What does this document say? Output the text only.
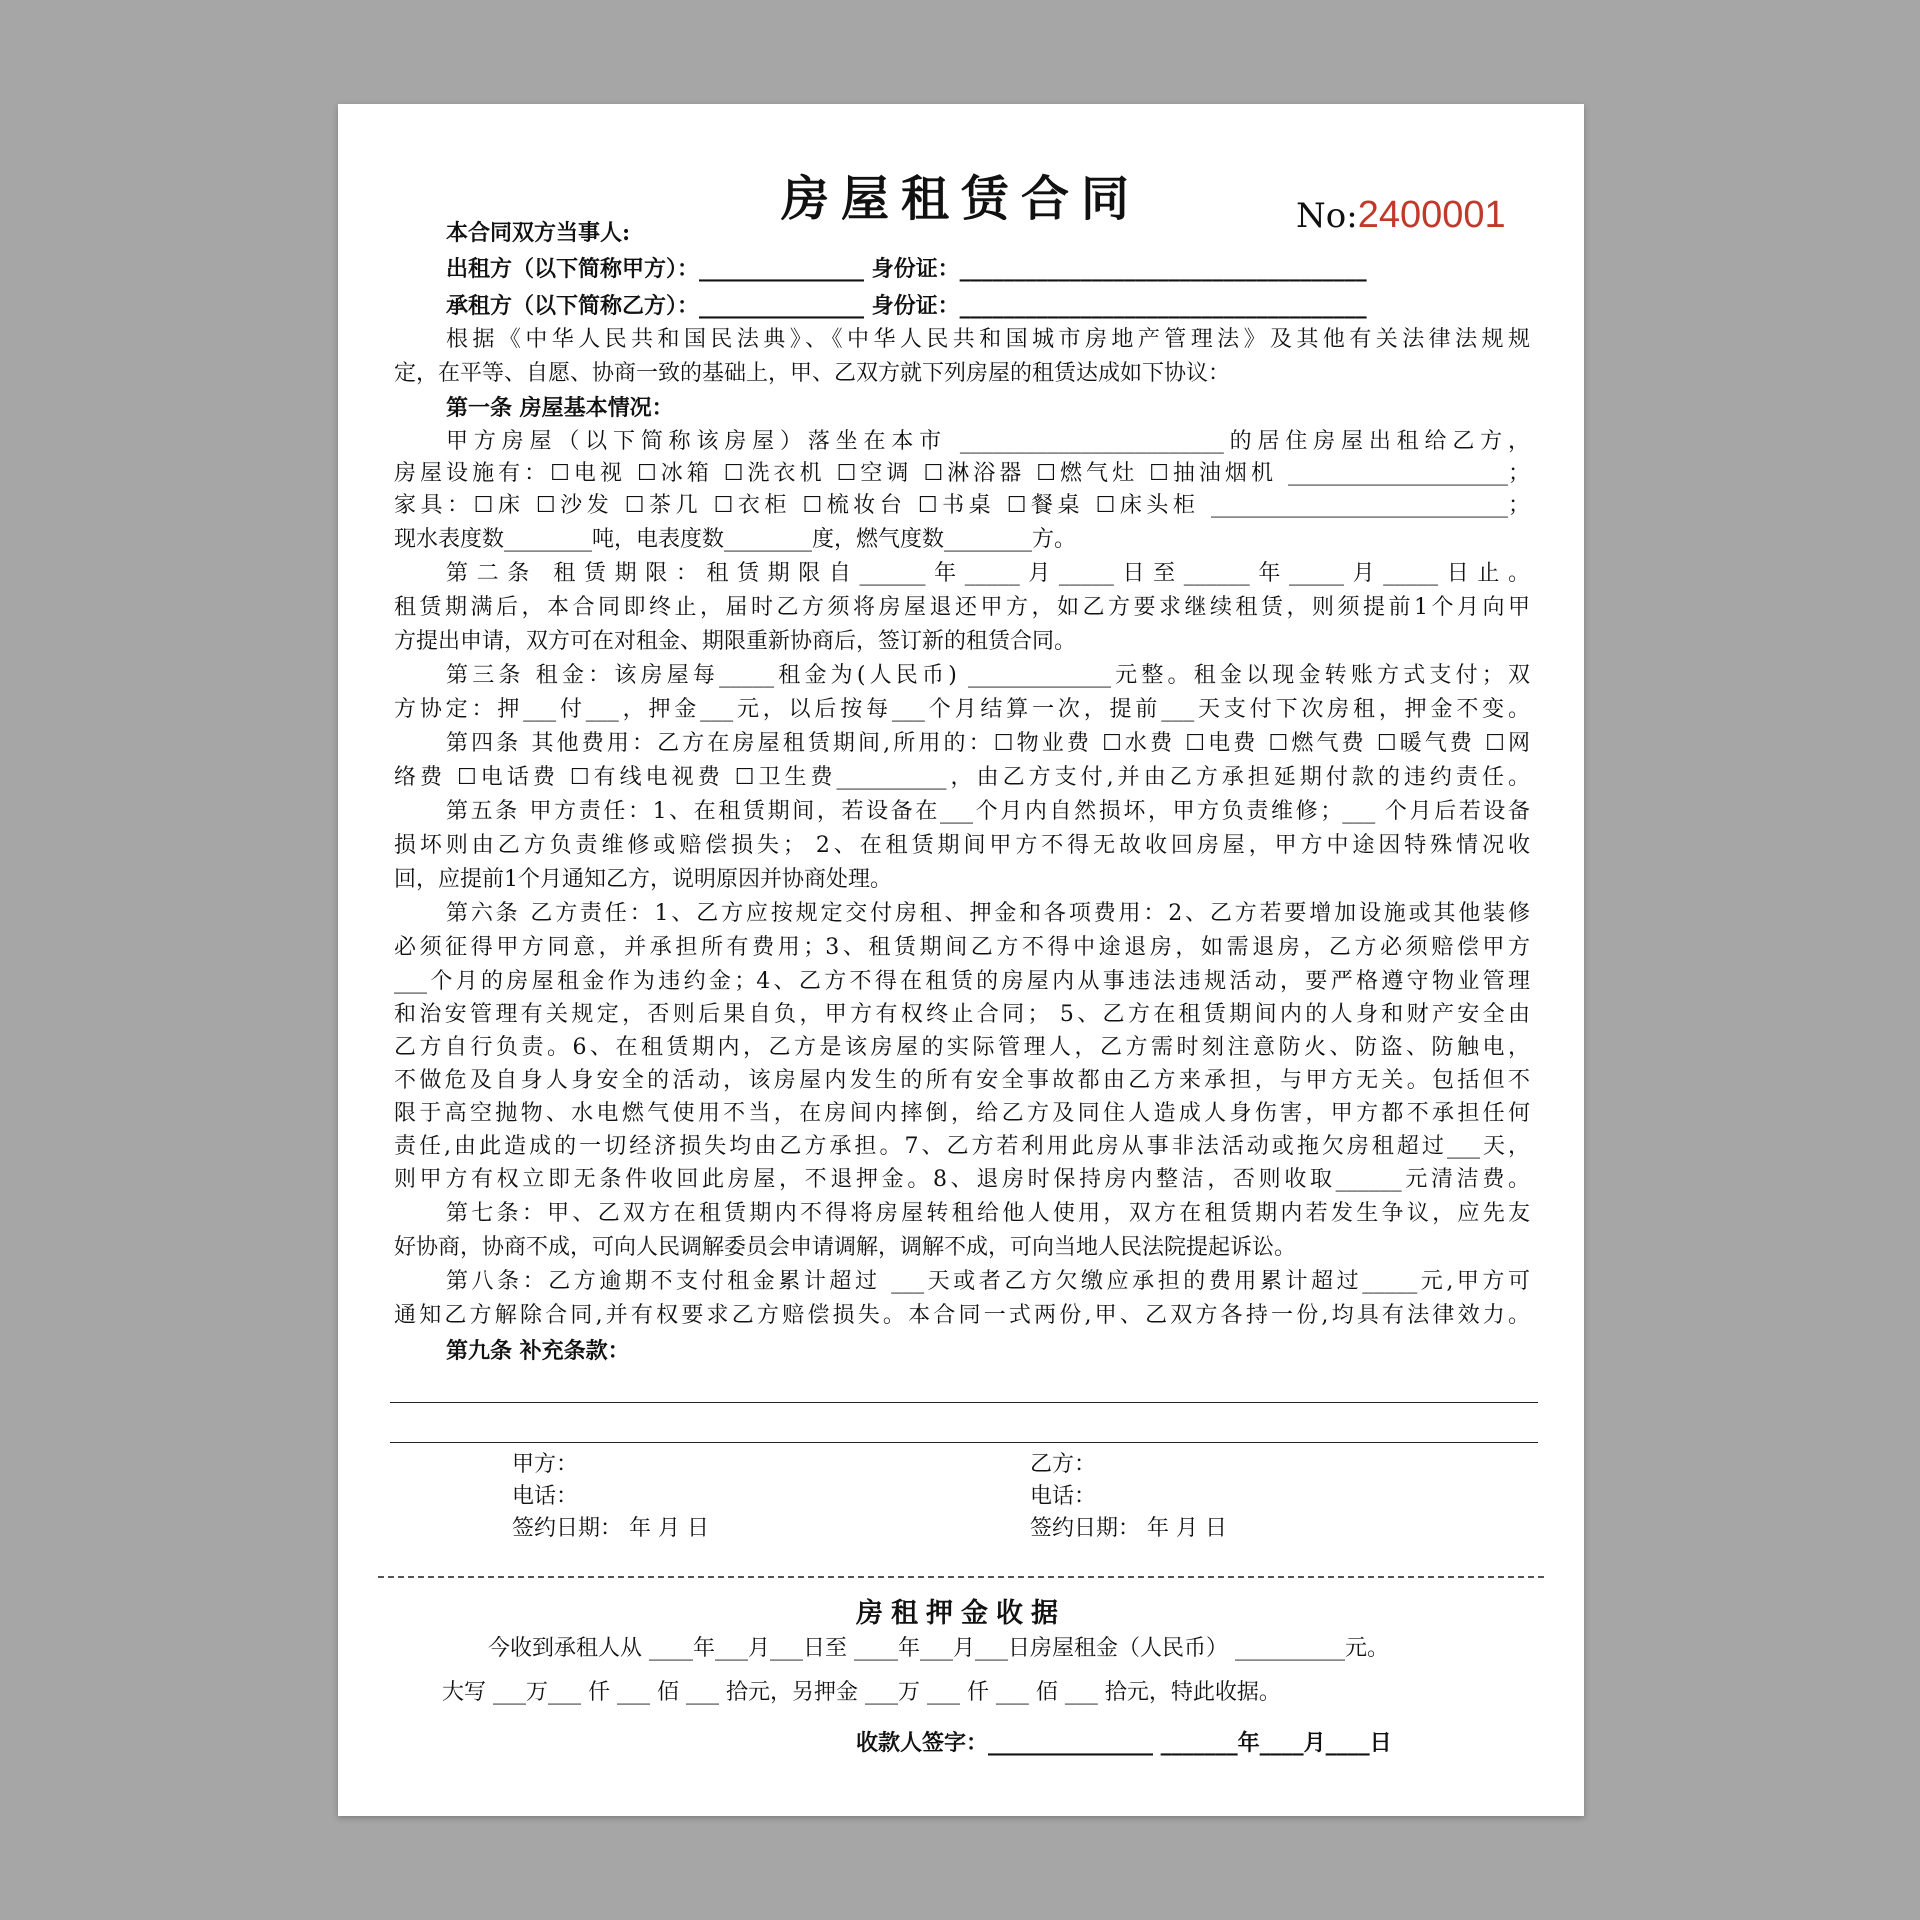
房屋租赁合同	No:2400001
本合同双方当事人:
出租方（以下简称甲方）：_______________ 身份证：_____________________________________
承租方（以下简称乙方）：_______________ 身份证：_____________________________________
根据《中华人民共和国民法典》、《中华人民共和国城市房地产管理法》及其他有关法律法规规
定，在平等、自愿、协商一致的基础上，甲、乙双方就下列房屋的租赁达成如下协议：
第一条 房屋基本情况：
甲方房屋（以下简称该房屋）落坐在本市 ________________________的居住房屋出租给乙方，
房屋设施有：☐电视 ☐冰箱 ☐洗衣机 ☐空调 ☐淋浴器 ☐燃气灶 ☐抽油烟机 ____________________；
家具：☐床 ☐沙发 ☐茶几 ☐衣柜 ☐梳妆台 ☐书桌 ☐餐桌 ☐床头柜 ___________________________；
现水表度数________吨，电表度数________度，燃气度数________方。
第二条 租赁期限：租赁期限自______年_____月_____日至______年_____月_____日止。
租赁期满后，本合同即终止，届时乙方须将房屋退还甲方，如乙方要求继续租赁，则须提前1个月向甲
方提出申请，双方可在对租金、期限重新协商后，签订新的租赁合同。
第三条 租金：该房屋每_____租金为(人民币) _____________元整。租金以现金转账方式支付；双
方协定：押___付___，押金___元，以后按每___个月结算一次，提前___天支付下次房租，押金不变。
第四条 其他费用：乙方在房屋租赁期间,所用的：☐物业费 ☐水费 ☐电费 ☐燃气费 ☐暖气费 ☐网
络费 ☐电话费 ☐有线电视费 ☐卫生费__________，由乙方支付,并由乙方承担延期付款的违约责任。
第五条 甲方责任：1、在租赁期间，若设备在___个月内自然损坏，甲方负责维修；___ 个月后若设备
损坏则由乙方负责维修或赔偿损失； 2、在租赁期间甲方不得无故收回房屋，甲方中途因特殊情况收
回，应提前1个月通知乙方，说明原因并协商处理。
第六条 乙方责任：1、乙方应按规定交付房租、押金和各项费用：2、乙方若要增加设施或其他装修
必须征得甲方同意，并承担所有费用；3、租赁期间乙方不得中途退房，如需退房，乙方必须赔偿甲方
___个月的房屋租金作为违约金；4、乙方不得在租赁的房屋内从事违法违规活动，要严格遵守物业管理
和治安管理有关规定，否则后果自负，甲方有权终止合同； 5、乙方在租赁期间内的人身和财产安全由
乙方自行负责。6、在租赁期内，乙方是该房屋的实际管理人，乙方需时刻注意防火、防盗、防触电，
不做危及自身人身安全的活动，该房屋内发生的所有安全事故都由乙方来承担，与甲方无关。包括但不
限于高空抛物、水电燃气使用不当，在房间内摔倒，给乙方及同住人造成人身伤害，甲方都不承担任何
责任,由此造成的一切经济损失均由乙方承担。7、乙方若利用此房从事非法活动或拖欠房租超过___天，
则甲方有权立即无条件收回此房屋，不退押金。8、退房时保持房内整洁，否则收取______元清洁费。
第七条：甲、乙双方在租赁期内不得将房屋转租给他人使用，双方在租赁期内若发生争议，应先友
好协商，协商不成，可向人民调解委员会申请调解，调解不成，可向当地人民法院提起诉讼。
第八条：乙方逾期不支付租金累计超过 ___天或者乙方欠缴应承担的费用累计超过_____元,甲方可
通知乙方解除合同,并有权要求乙方赔偿损失。本合同一式两份,甲、乙双方各持一份,均具有法律效力。
第九条 补充条款：
甲方：
电话：
签约日期： 年 月 日
乙方：
电话：
签约日期： 年 月 日
房租押金收据
今收到承租人从 ____年___月___日至 ____年___月___日房屋租金（人民币） __________元。
大写 ___万___ 仟 ___ 佰 ___ 拾元，另押金 ___万 ___ 仟 ___ 佰 ___ 拾元，特此收据。
收款人签字：_______________ _______年____月____日
